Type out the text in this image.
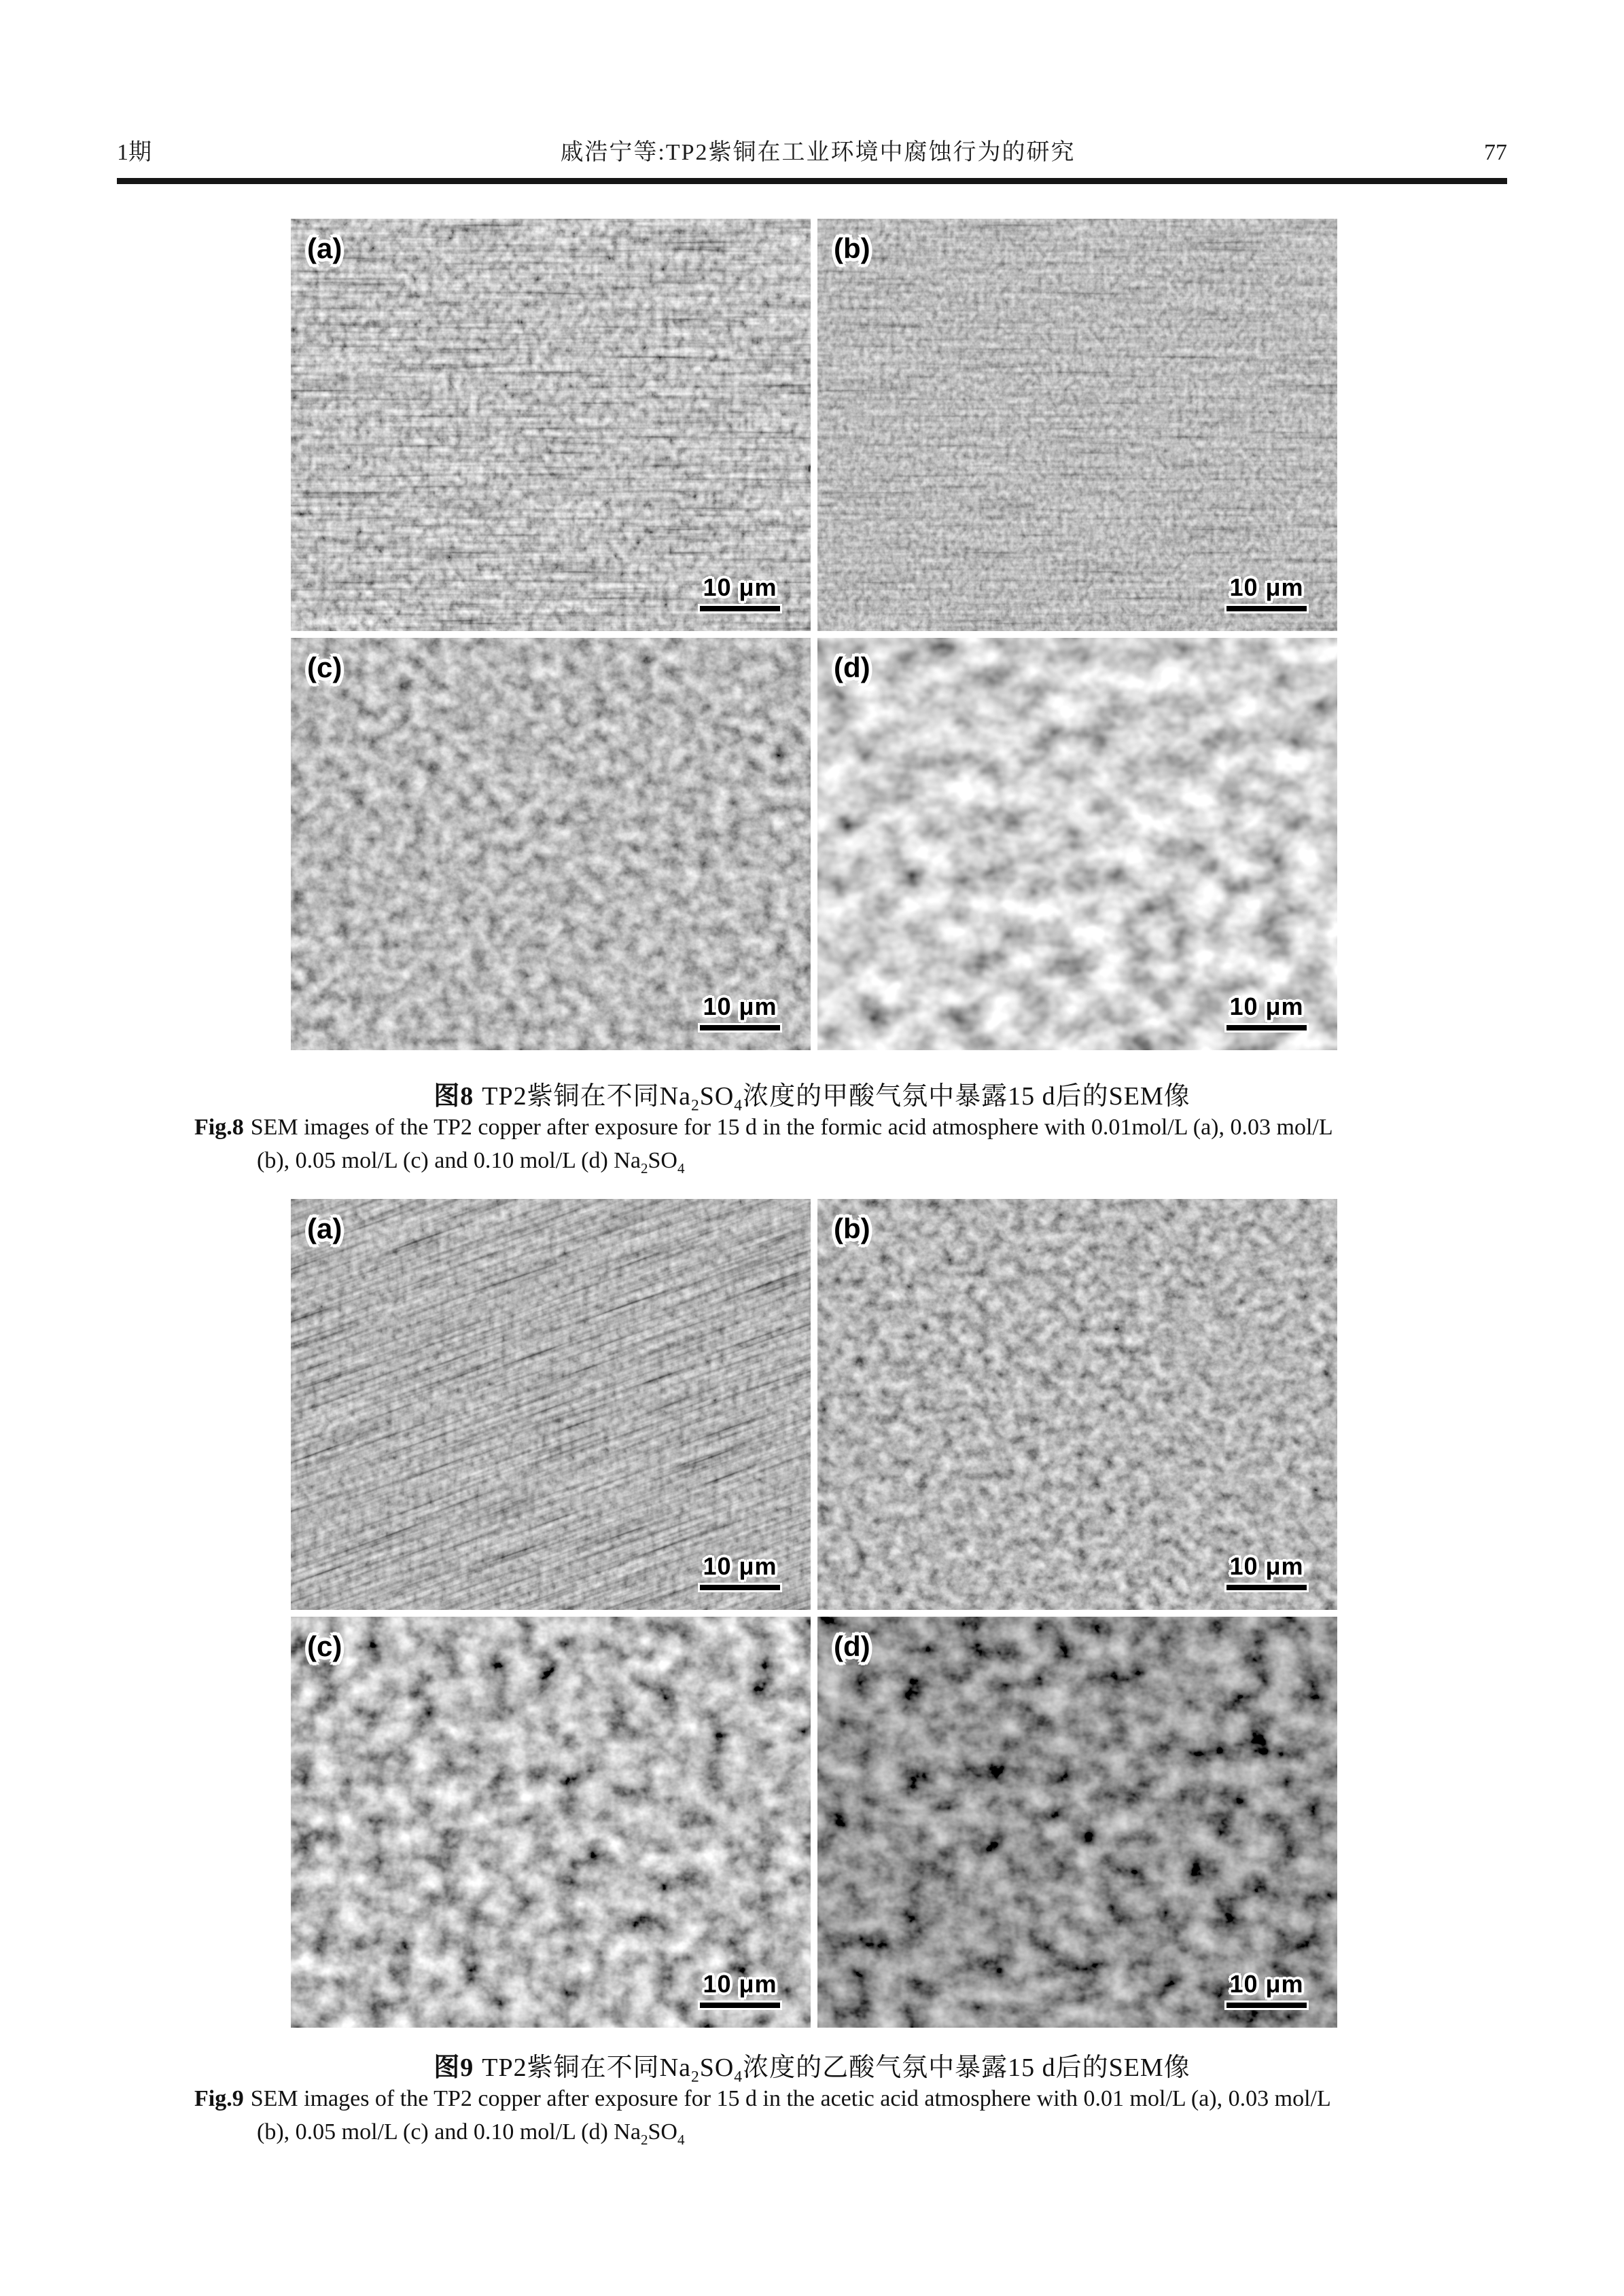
1期	戚浩宁等:TP2紫铜在工业环境中腐蚀行为的研究	77
(a)
10 μm
(b)
10 μm
(c)
10 μm
(d)
10 μm
图8 TP2紫铜在不同$Na_2SO_4$浓度的甲酸气氛中暴露15 d后的SEM像
Fig.8 SEM images of the TP2 copper after exposure for 15 d in the formic acid atmosphere with 0.01mol/L (a), 0.03 mol/L
(b), 0.05 mol/L (c) and 0.10 mol/L (d) $Na_2SO_4$
(a)
10 μm
(b)
10 μm
(c)
10 μm
(d)
10 μm
图9 TP2紫铜在不同$Na_2SO_4$浓度的乙酸气氛中暴露15 d后的SEM像
Fig.9 SEM images of the TP2 copper after exposure for 15 d in the acetic acid atmosphere with 0.01 mol/L (a), 0.03 mol/L
(b), 0.05 mol/L (c) and 0.10 mol/L (d) $Na_2SO_4$
